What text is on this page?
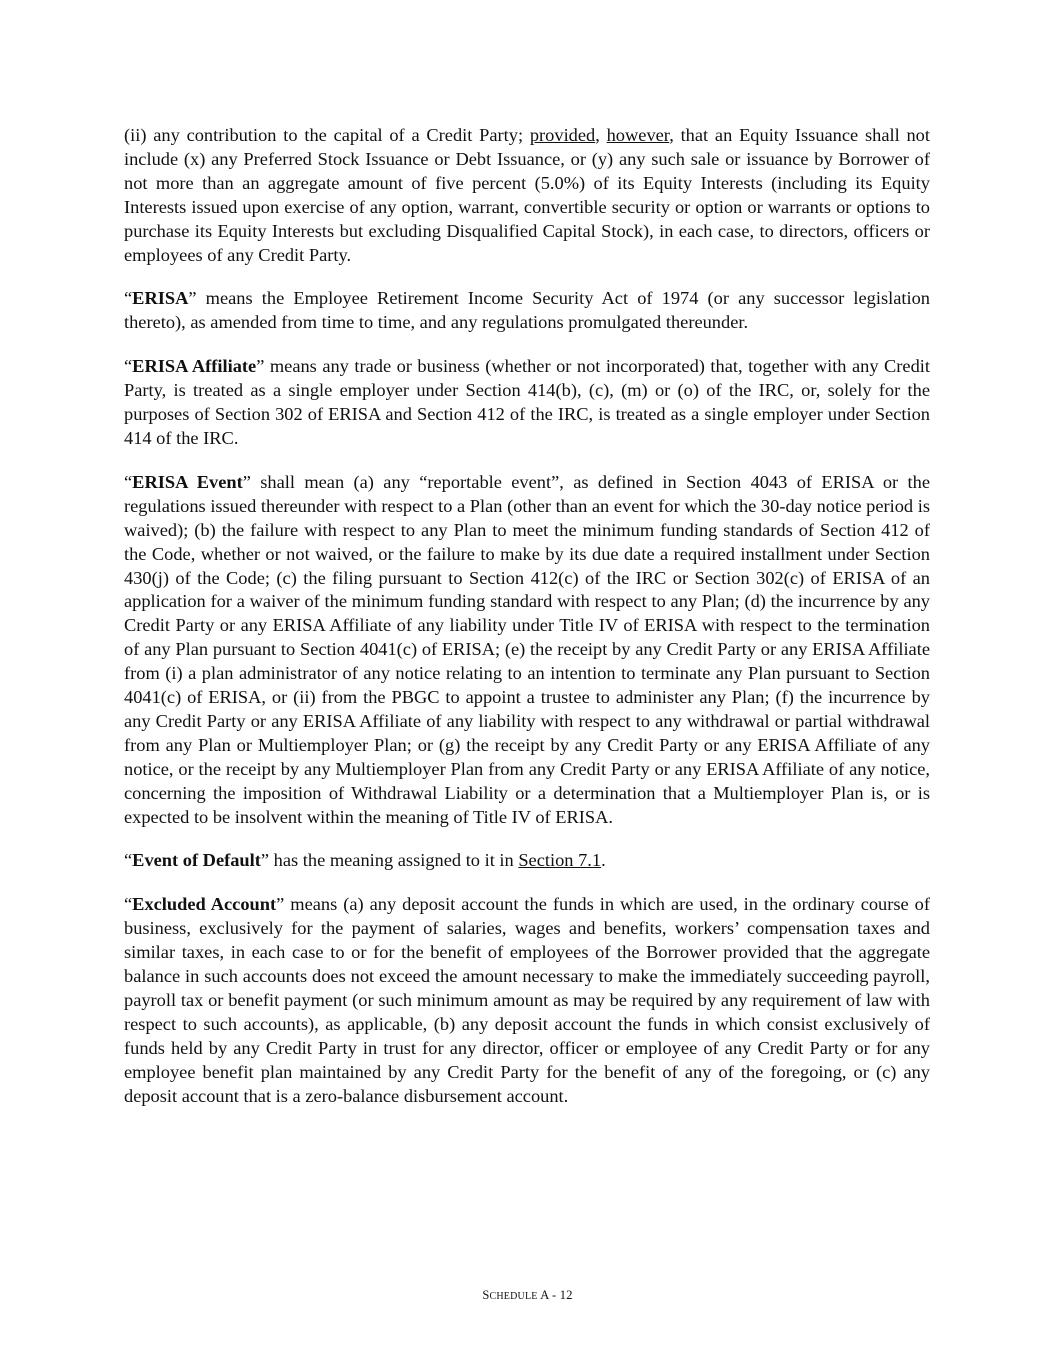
(ii) any contribution to the capital of a Credit Party; provided, however, that an Equity Issuance shall not include (x) any Preferred Stock Issuance or Debt Issuance, or (y) any such sale or issuance by Borrower of not more than an aggregate amount of five percent (5.0%) of its Equity Interests (including its Equity Interests issued upon exercise of any option, warrant, convertible security or option or warrants or options to purchase its Equity Interests but excluding Disqualified Capital Stock), in each case, to directors, officers or employees of any Credit Party.

“ERISA” means the Employee Retirement Income Security Act of 1974 (or any successor legislation thereto), as amended from time to time, and any regulations promulgated thereunder.

“ERISA Affiliate” means any trade or business (whether or not incorporated) that, together with any Credit Party, is treated as a single employer under Section 414(b), (c), (m) or (o) of the IRC, or, solely for the purposes of Section 302 of ERISA and Section 412 of the IRC, is treated as a single employer under Section 414 of the IRC.

“ERISA Event” shall mean (a) any “reportable event”, as defined in Section 4043 of ERISA or the regulations issued thereunder with respect to a Plan (other than an event for which the 30-day notice period is waived); (b) the failure with respect to any Plan to meet the minimum funding standards of Section 412 of the Code, whether or not waived, or the failure to make by its due date a required installment under Section 430(j) of the Code; (c) the filing pursuant to Section 412(c) of the IRC or Section 302(c) of ERISA of an application for a waiver of the minimum funding standard with respect to any Plan; (d) the incurrence by any Credit Party or any ERISA Affiliate of any liability under Title IV of ERISA with respect to the termination of any Plan pursuant to Section 4041(c) of ERISA; (e) the receipt by any Credit Party or any ERISA Affiliate from (i) a plan administrator of any notice relating to an intention to terminate any Plan pursuant to Section 4041(c) of ERISA, or (ii) from the PBGC to appoint a trustee to administer any Plan; (f) the incurrence by any Credit Party or any ERISA Affiliate of any liability with respect to any withdrawal or partial withdrawal from any Plan or Multiemployer Plan; or (g) the receipt by any Credit Party or any ERISA Affiliate of any notice, or the receipt by any Multiemployer Plan from any Credit Party or any ERISA Affiliate of any notice, concerning the imposition of Withdrawal Liability or a determination that a Multiemployer Plan is, or is expected to be insolvent within the meaning of Title IV of ERISA.

“Event of Default” has the meaning assigned to it in Section 7.1.

“Excluded Account” means (a) any deposit account the funds in which are used, in the ordinary course of business, exclusively for the payment of salaries, wages and benefits, workers’ compensation taxes and similar taxes, in each case to or for the benefit of employees of the Borrower provided that the aggregate balance in such accounts does not exceed the amount necessary to make the immediately succeeding payroll, payroll tax or benefit payment (or such minimum amount as may be required by any requirement of law with respect to such accounts), as applicable, (b) any deposit account the funds in which consist exclusively of funds held by any Credit Party in trust for any director, officer or employee of any Credit Party or for any employee benefit plan maintained by any Credit Party for the benefit of any of the foregoing, or (c) any deposit account that is a zero-balance disbursement account.

SCHEDULE A - 12
